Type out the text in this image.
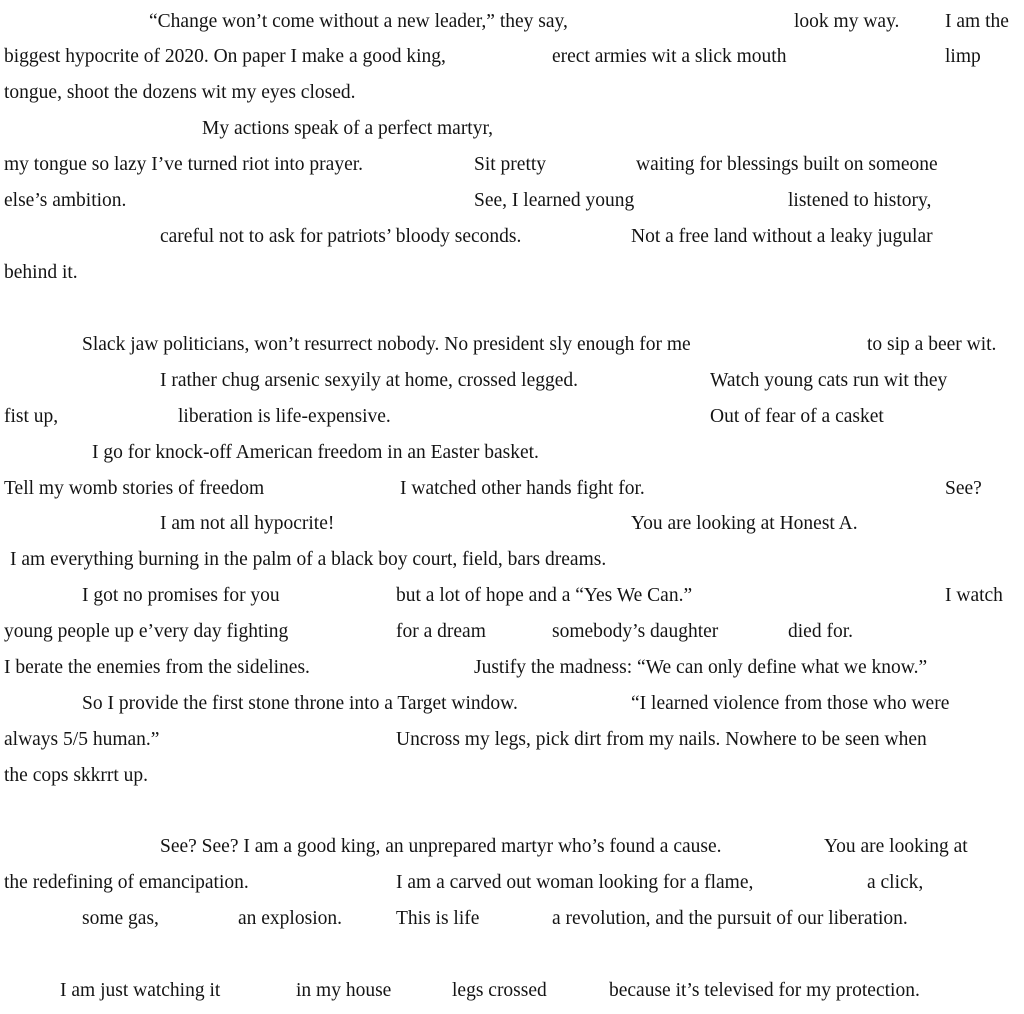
“Change won’t come without a new leader,” they say,	look my way. I am the
biggest hypocrite of 2020. On paper I make a good king,	erect armies wit a slick mouth	limp
tongue, shoot the dozens wit my eyes closed.
My actions speak of a perfect martyr,
my tongue so lazy I’ve turned riot into prayer.	Sit pretty	waiting for blessings built on someone
else’s ambition.	See, I learned young	listened to history,
careful not to ask for patriots’ bloody seconds.	Not a free land without a leaky jugular
behind it.
Slack jaw politicians, won’t resurrect nobody. No president sly enough for me	to sip a beer wit.
I rather chug arsenic sexyily at home, crossed legged.	Watch young cats run wit they
fist up,	liberation is life-expensive.	Out of fear of a casket
I go for knock-off American freedom in an Easter basket.
Tell my womb stories of freedom	I watched other hands fight for.	See?
I am not all hypocrite!	You are looking at Honest A.
I am everything burning in the palm of a black boy court, field, bars dreams.
I got no promises for you	but a lot of hope and a “Yes We Can.”	I watch
young people up e’very day fighting	for a dream	somebody’s daughter	died for.
I berate the enemies from the sidelines.	Justify the madness: “We can only define what we know.”
So I provide the first stone throne into a Target window.	“I learned violence from those who were
always 5/5 human.”	Uncross my legs, pick dirt from my nails. Nowhere to be seen when
the cops skkrrt up.
See? See? I am a good king, an unprepared martyr who’s found a cause.	You are looking at
the redefining of emancipation.	I am a carved out woman looking for a flame,	a click,
some gas,	an explosion.	This is life	a revolution, and the pursuit of our liberation.
I am just watching it	in my house	legs crossed	because it’s televised for my protection.
